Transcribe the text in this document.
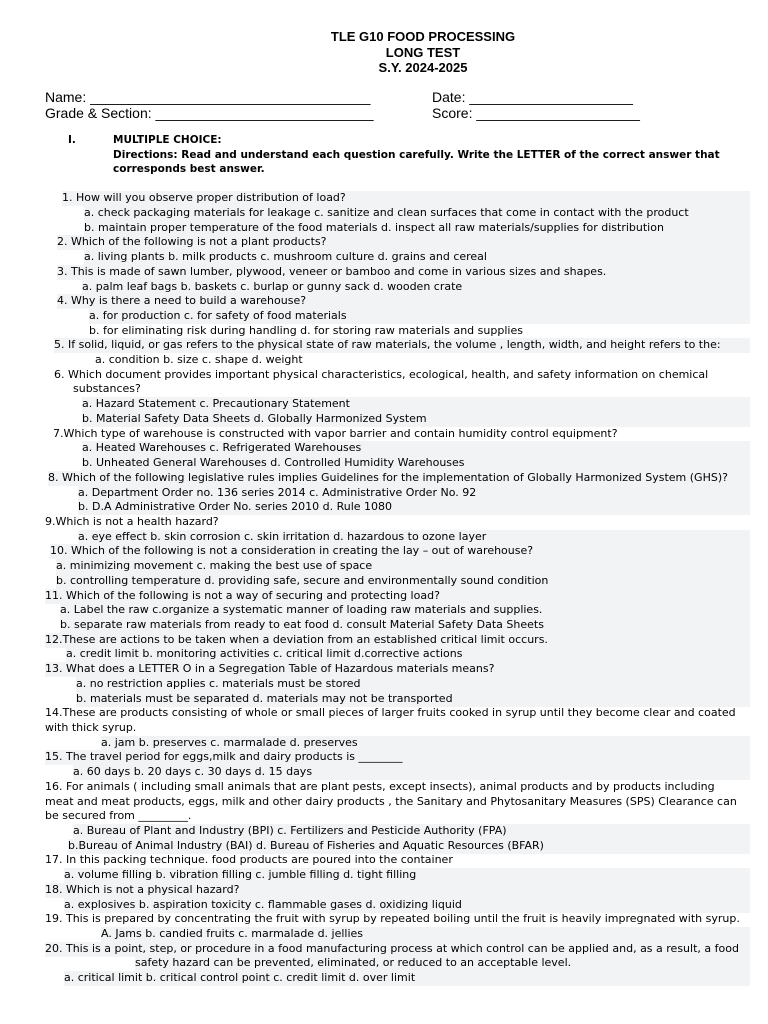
TLE G10 FOOD PROCESSING
LONG TEST
S.Y. 2024-2025
Name: ____________________________________	Date: _____________________
Grade & Section: ____________________________	Score: _____________________
I.	MULTIPLE CHOICE:
Directions: Read and understand each question carefully. Write the LETTER of the correct answer that
corresponds best answer.
1. How will you observe proper distribution of load?
a. check packaging materials for leakage c. sanitize and clean surfaces that come in contact with the product
b. maintain proper temperature of the food materials d. inspect all raw materials/supplies for distribution
2. Which of the following is not a plant products?
a. living plants b. milk products c. mushroom culture d. grains and cereal
3. This is made of sawn lumber, plywood, veneer or bamboo and come in various sizes and shapes.
a. palm leaf bags b. baskets c. burlap or gunny sack d. wooden crate
4. Why is there a need to build a warehouse?
a. for production c. for safety of food materials
b. for eliminating risk during handling d. for storing raw materials and supplies
5. If solid, liquid, or gas refers to the physical state of raw materials, the volume , length, width, and height refers to the:
a. condition b. size c. shape d. weight
6. Which document provides important physical characteristics, ecological, health, and safety information on chemical
substances?
a. Hazard Statement c. Precautionary Statement
b. Material Safety Data Sheets d. Globally Harmonized System
7.Which type of warehouse is constructed with vapor barrier and contain humidity control equipment?
a. Heated Warehouses c. Refrigerated Warehouses
b. Unheated General Warehouses d. Controlled Humidity Warehouses
8. Which of the following legislative rules implies Guidelines for the implementation of Globally Harmonized System (GHS)?
a. Department Order no. 136 series 2014 c. Administrative Order No. 92
b. D.A Administrative Order No. series 2010 d. Rule 1080
9.Which is not a health hazard?
a. eye effect b. skin corrosion c. skin irritation d. hazardous to ozone layer
10. Which of the following is not a consideration in creating the lay – out of warehouse?
a. minimizing movement c. making the best use of space
b. controlling temperature d. providing safe, secure and environmentally sound condition
11. Which of the following is not a way of securing and protecting load?
a. Label the raw c.organize a systematic manner of loading raw materials and supplies.
b. separate raw materials from ready to eat food d. consult Material Safety Data Sheets
12.These are actions to be taken when a deviation from an established critical limit occurs.
a. credit limit b. monitoring activities c. critical limit d.corrective actions
13. What does a LETTER O in a Segregation Table of Hazardous materials means?
a. no restriction applies c. materials must be stored
b. materials must be separated d. materials may not be transported
14.These are products consisting of whole or small pieces of larger fruits cooked in syrup until they become clear and coated
with thick syrup.
a. jam b. preserves c. marmalade d. preserves
15. The travel period for eggs,milk and dairy products is ________
a. 60 days b. 20 days c. 30 days d. 15 days
16. For animals ( including small animals that are plant pests, except insects), animal products and by products including
meat and meat products, eggs, milk and other dairy products , the Sanitary and Phytosanitary Measures (SPS) Clearance can
be secured from _________.
a. Bureau of Plant and Industry (BPI) c. Fertilizers and Pesticide Authority (FPA)
b.Bureau of Animal Industry (BAI) d. Bureau of Fisheries and Aquatic Resources (BFAR)
17. In this packing technique. food products are poured into the container
a. volume filling b. vibration filling c. jumble filling d. tight filling
18. Which is not a physical hazard?
a. explosives b. aspiration toxicity c. flammable gases d. oxidizing liquid
19. This is prepared by concentrating the fruit with syrup by repeated boiling until the fruit is heavily impregnated with syrup.
A. Jams b. candied fruits c. marmalade d. jellies
20. This is a point, step, or procedure in a food manufacturing process at which control can be applied and, as a result, a food
safety hazard can be prevented, eliminated, or reduced to an acceptable level.
a. critical limit b. critical control point c. credit limit d. over limit
